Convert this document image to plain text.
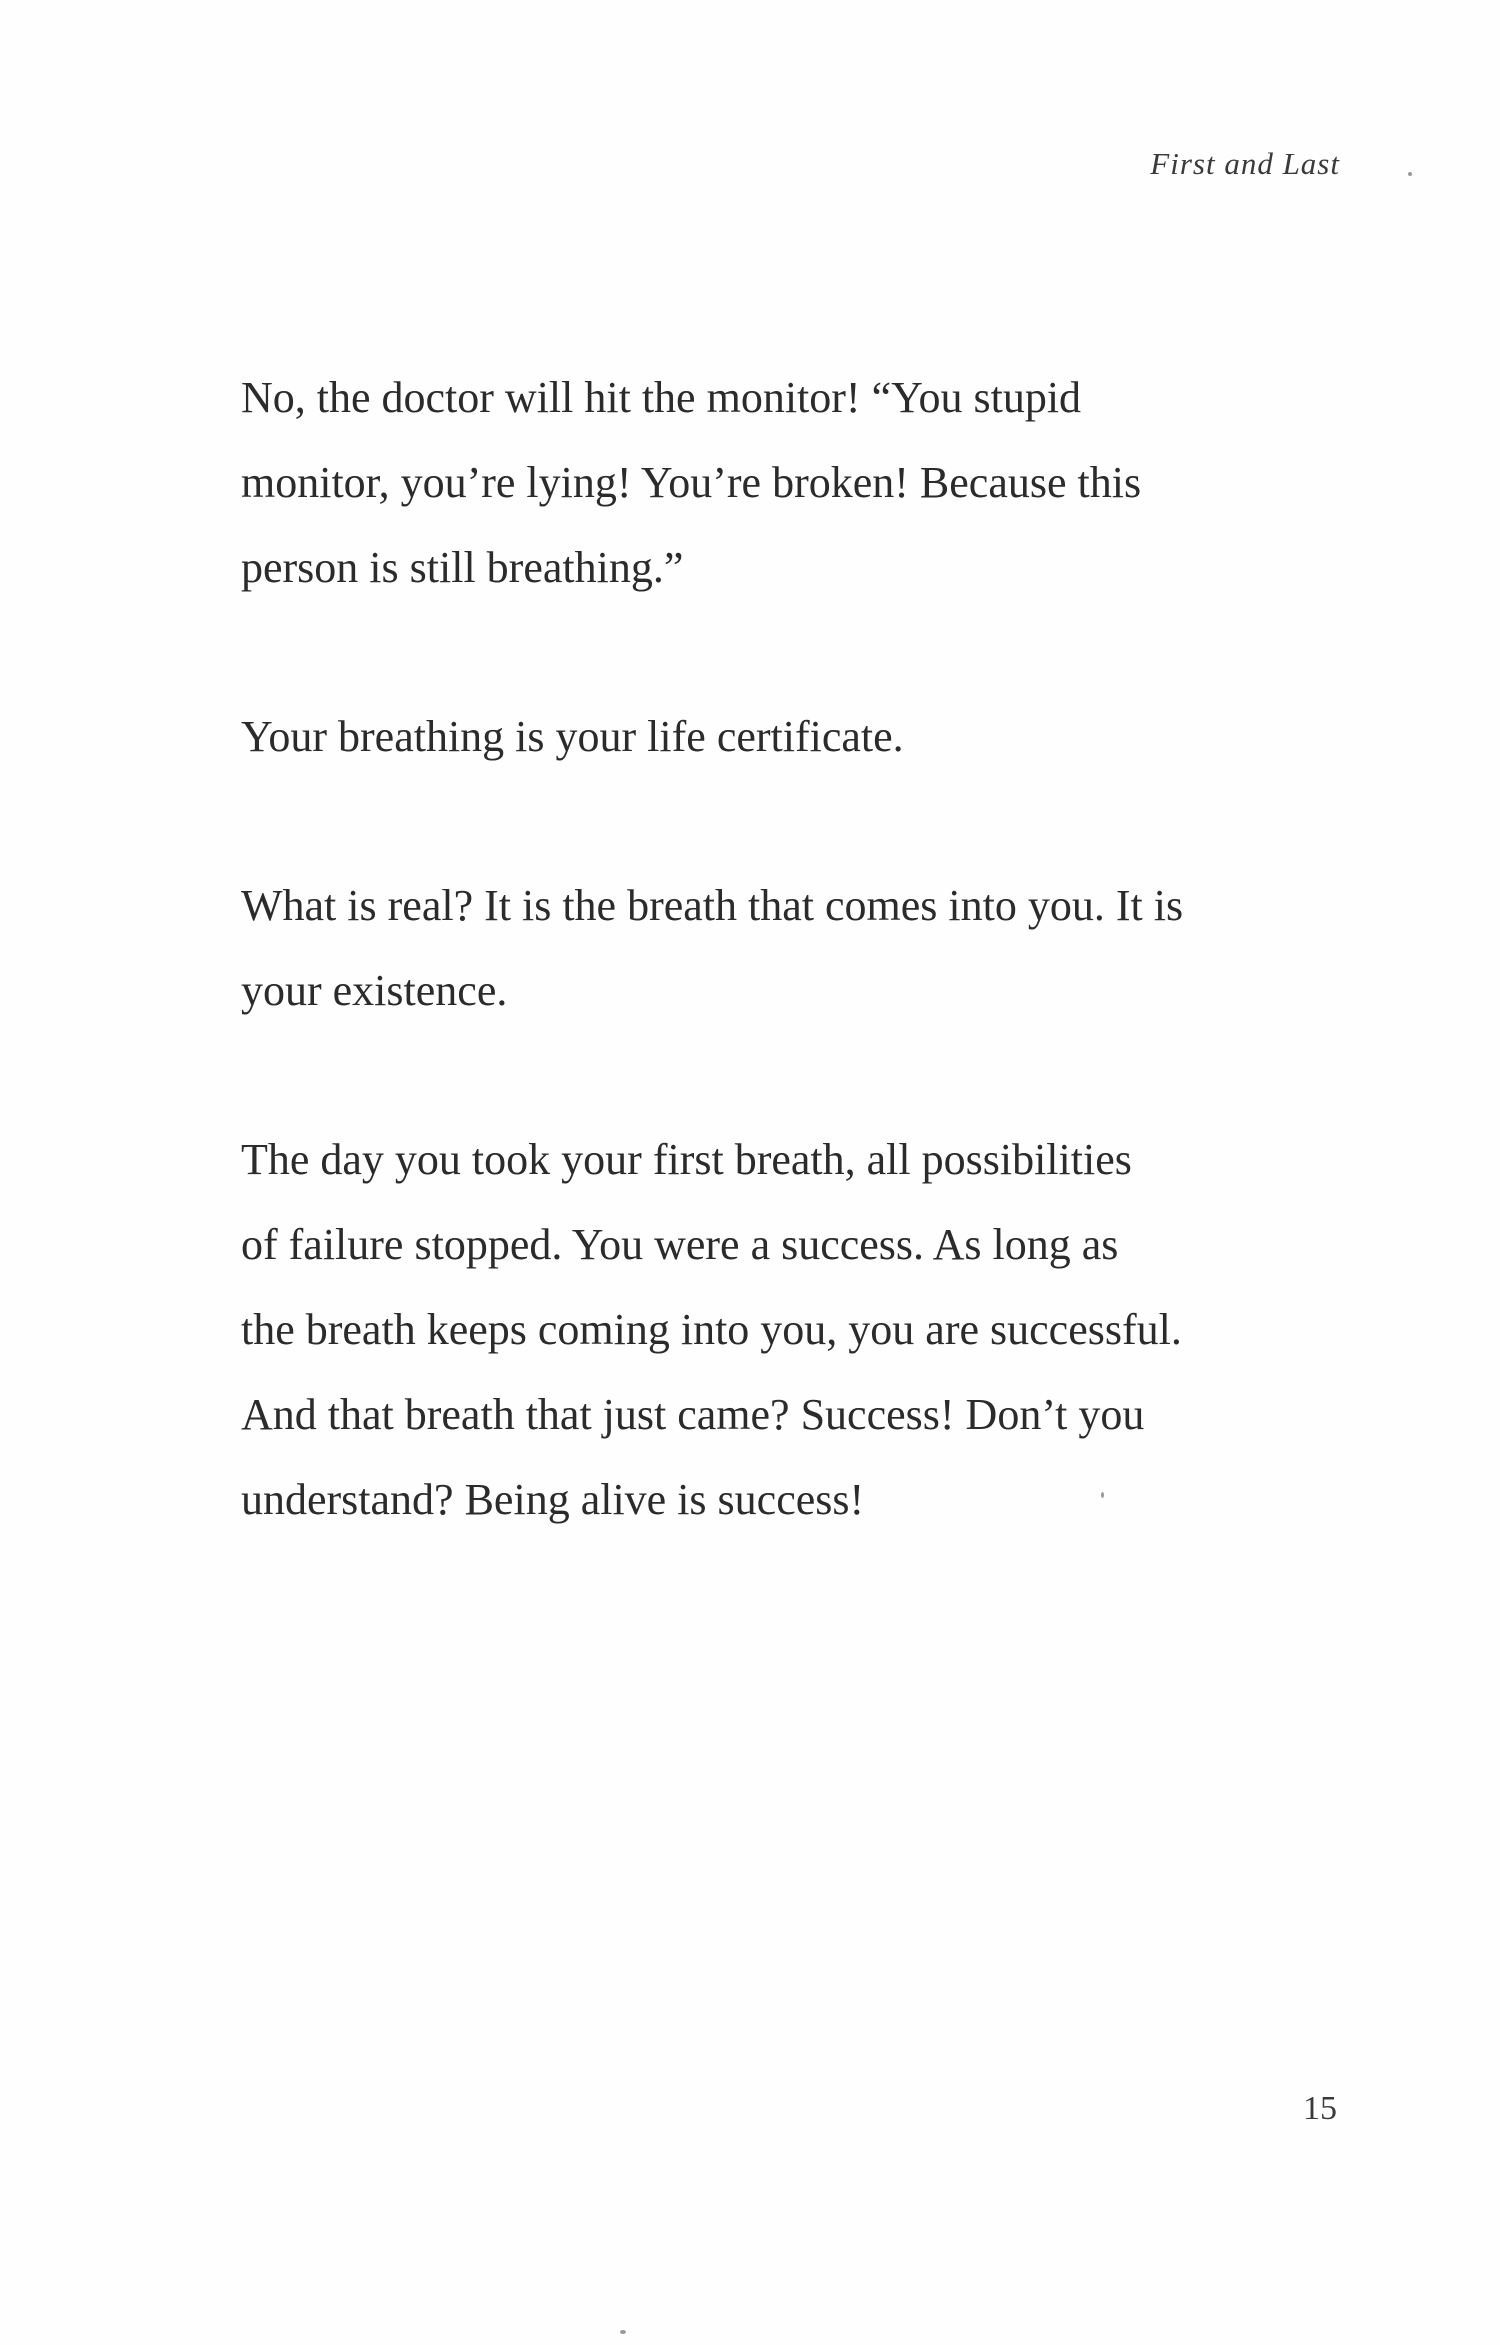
First and Last
No, the doctor will hit the monitor! “You stupid
monitor, you’re lying! You’re broken! Because this
person is still breathing.”
Your breathing is your life certificate.
What is real? It is the breath that comes into you. It is
your existence.
The day you took your first breath, all possibilities
of failure stopped. You were a success. As long as
the breath keeps coming into you, you are successful.
And that breath that just came? Success! Don’t you
understand? Being alive is success!
15
